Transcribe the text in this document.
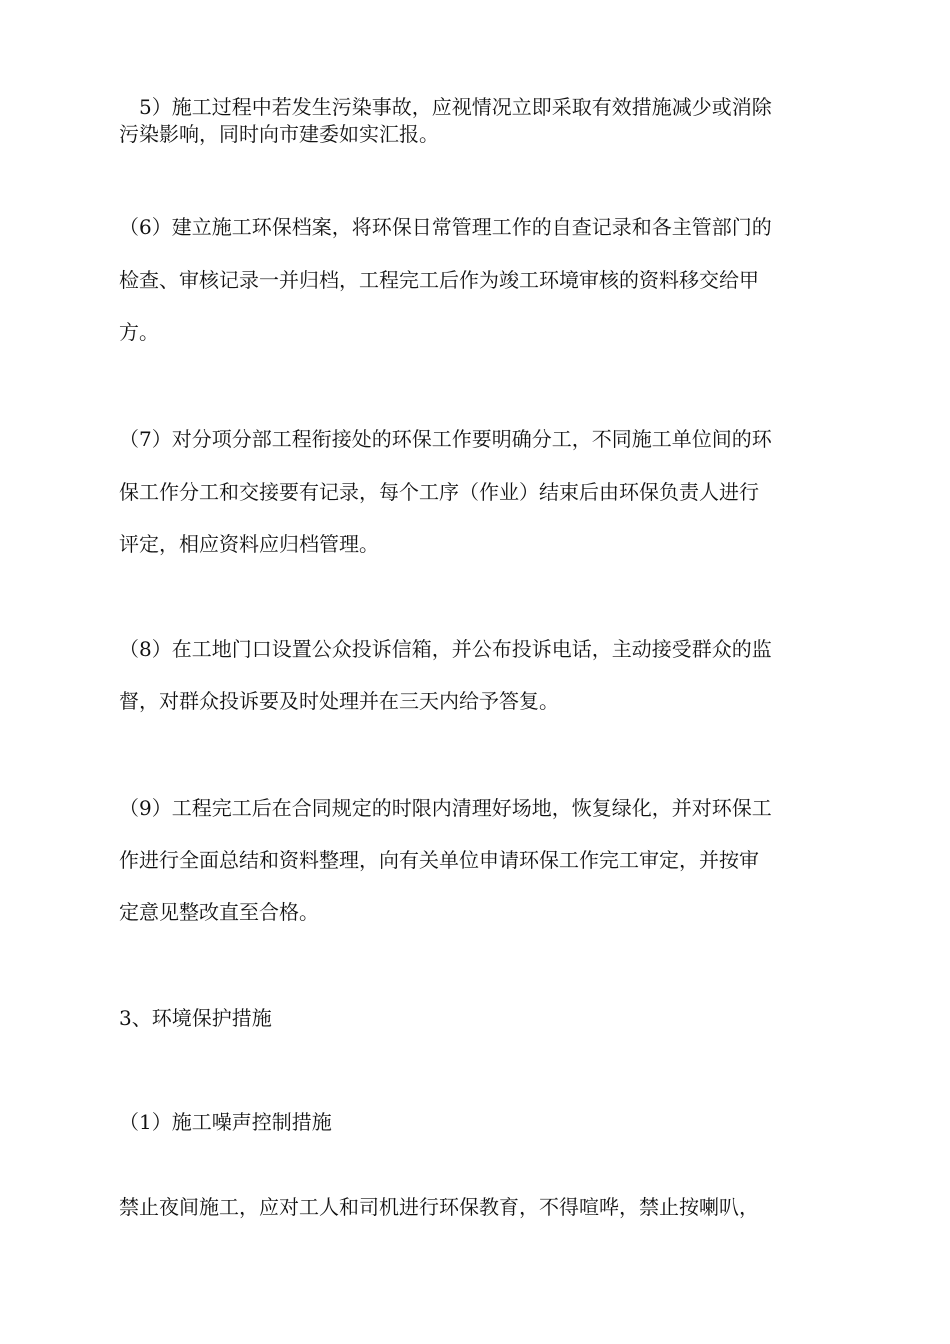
5）施工过程中若发生污染事故，应视情况立即采取有效措施减少或消除
污染影响，同时向市建委如实汇报。
（6）建立施工环保档案，将环保日常管理工作的自查记录和各主管部门的
检查、审核记录一并归档，工程完工后作为竣工环境审核的资料移交给甲
方。
（7）对分项分部工程衔接处的环保工作要明确分工，不同施工单位间的环
保工作分工和交接要有记录，每个工序（作业）结束后由环保负责人进行
评定，相应资料应归档管理。
（8）在工地门口设置公众投诉信箱，并公布投诉电话，主动接受群众的监
督，对群众投诉要及时处理并在三天内给予答复。
（9）工程完工后在合同规定的时限内清理好场地，恢复绿化，并对环保工
作进行全面总结和资料整理，向有关单位申请环保工作完工审定，并按审
定意见整改直至合格。
3、环境保护措施
（1）施工噪声控制措施
禁止夜间施工，应对工人和司机进行环保教育，不得喧哗，禁止按喇叭，
